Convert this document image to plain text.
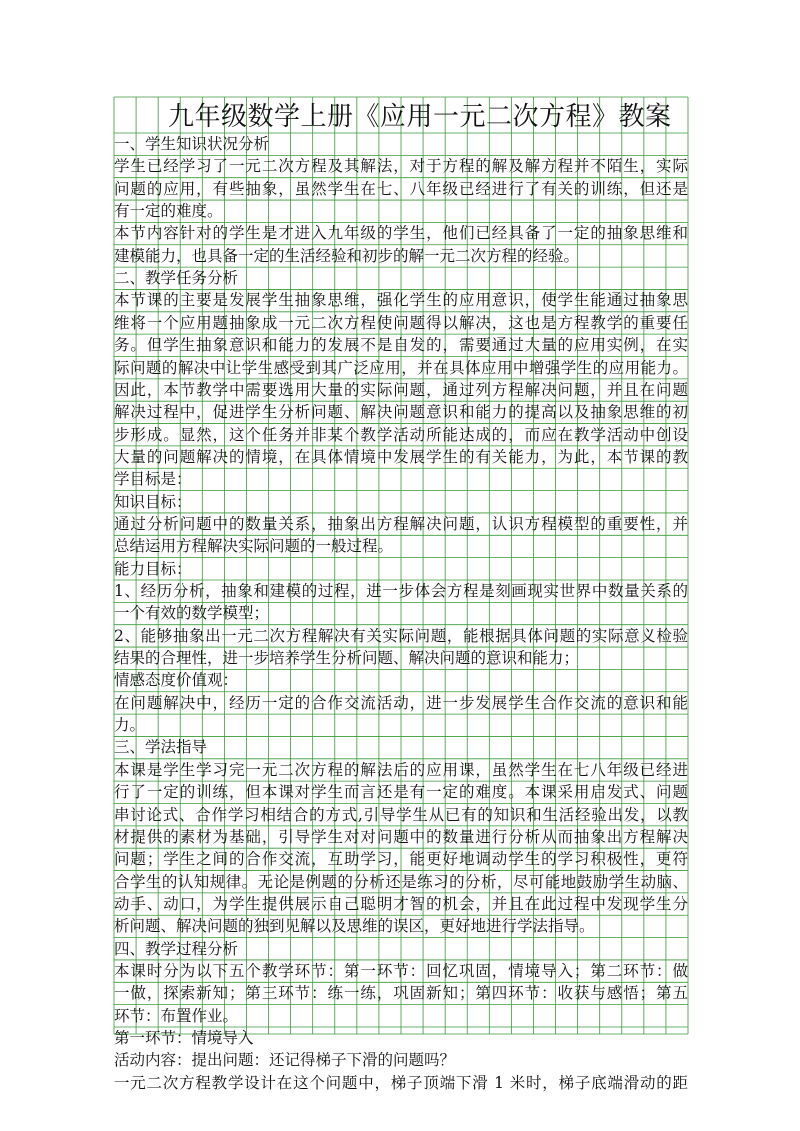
九年级数学上册《应用一元二次方程》教案
一、学生知识状况分析
学生已经学习了一元二次方程及其解法，对于方程的解及解方程并不陌生，实际
问题的应用，有些抽象，虽然学生在七、八年级已经进行了有关的训练，但还是
有一定的难度。
本节内容针对的学生是才进入九年级的学生，他们已经具备了一定的抽象思维和
建模能力，也具备一定的生活经验和初步的解一元二次方程的经验。
二、教学任务分析
本节课的主要是发展学生抽象思维，强化学生的应用意识，使学生能通过抽象思
维将一个应用题抽象成一元二次方程使问题得以解决，这也是方程教学的重要任
务。但学生抽象意识和能力的发展不是自发的，需要通过大量的应用实例，在实
际问题的解决中让学生感受到其广泛应用，并在具体应用中增强学生的应用能力。
因此，本节教学中需要选用大量的实际问题，通过列方程解决问题，并且在问题
解决过程中，促进学生分析问题、解决问题意识和能力的提高以及抽象思维的初
步形成。显然，这个任务并非某个教学活动所能达成的，而应在教学活动中创设
大量的问题解决的情境，在具体情境中发展学生的有关能力，为此，本节课的教
学目标是：
知识目标：
通过分析问题中的数量关系，抽象出方程解决问题，认识方程模型的重要性，并
总结运用方程解决实际问题的一般过程。
能力目标：
1、经历分析，抽象和建模的过程，进一步体会方程是刻画现实世界中数量关系的
一个有效的数学模型；
2、能够抽象出一元二次方程解决有关实际问题，能根据具体问题的实际意义检验
结果的合理性，进一步培养学生分析问题、解决问题的意识和能力；
情感态度价值观：
在问题解决中，经历一定的合作交流活动，进一步发展学生合作交流的意识和能
力。
三、学法指导
本课是学生学习完一元二次方程的解法后的应用课，虽然学生在七八年级已经进
行了一定的训练，但本课对学生而言还是有一定的难度。本课采用启发式、问题
串讨论式、合作学习相结合的方式,引导学生从已有的知识和生活经验出发，以教
材提供的素材为基础，引导学生对对问题中的数量进行分析从而抽象出方程解决
问题；学生之间的合作交流，互助学习，能更好地调动学生的学习积极性，更符
合学生的认知规律。无论是例题的分析还是练习的分析，尽可能地鼓励学生动脑、
动手、动口，为学生提供展示自己聪明才智的机会，并且在此过程中发现学生分
析问题、解决问题的独到见解以及思维的误区，更好地进行学法指导。
四、教学过程分析
本课时分为以下五个教学环节：第一环节：回忆巩固，情境导入；第二环节：做
一做，探索新知；第三环节：练一练，巩固新知；第四环节：收获与感悟；第五
环节：布置作业。
第一环节：情境导入
活动内容：提出问题：还记得梯子下滑的问题吗？
一元二次方程教学设计在这个问题中，梯子顶端下滑 1 米时，梯子底端滑动的距
